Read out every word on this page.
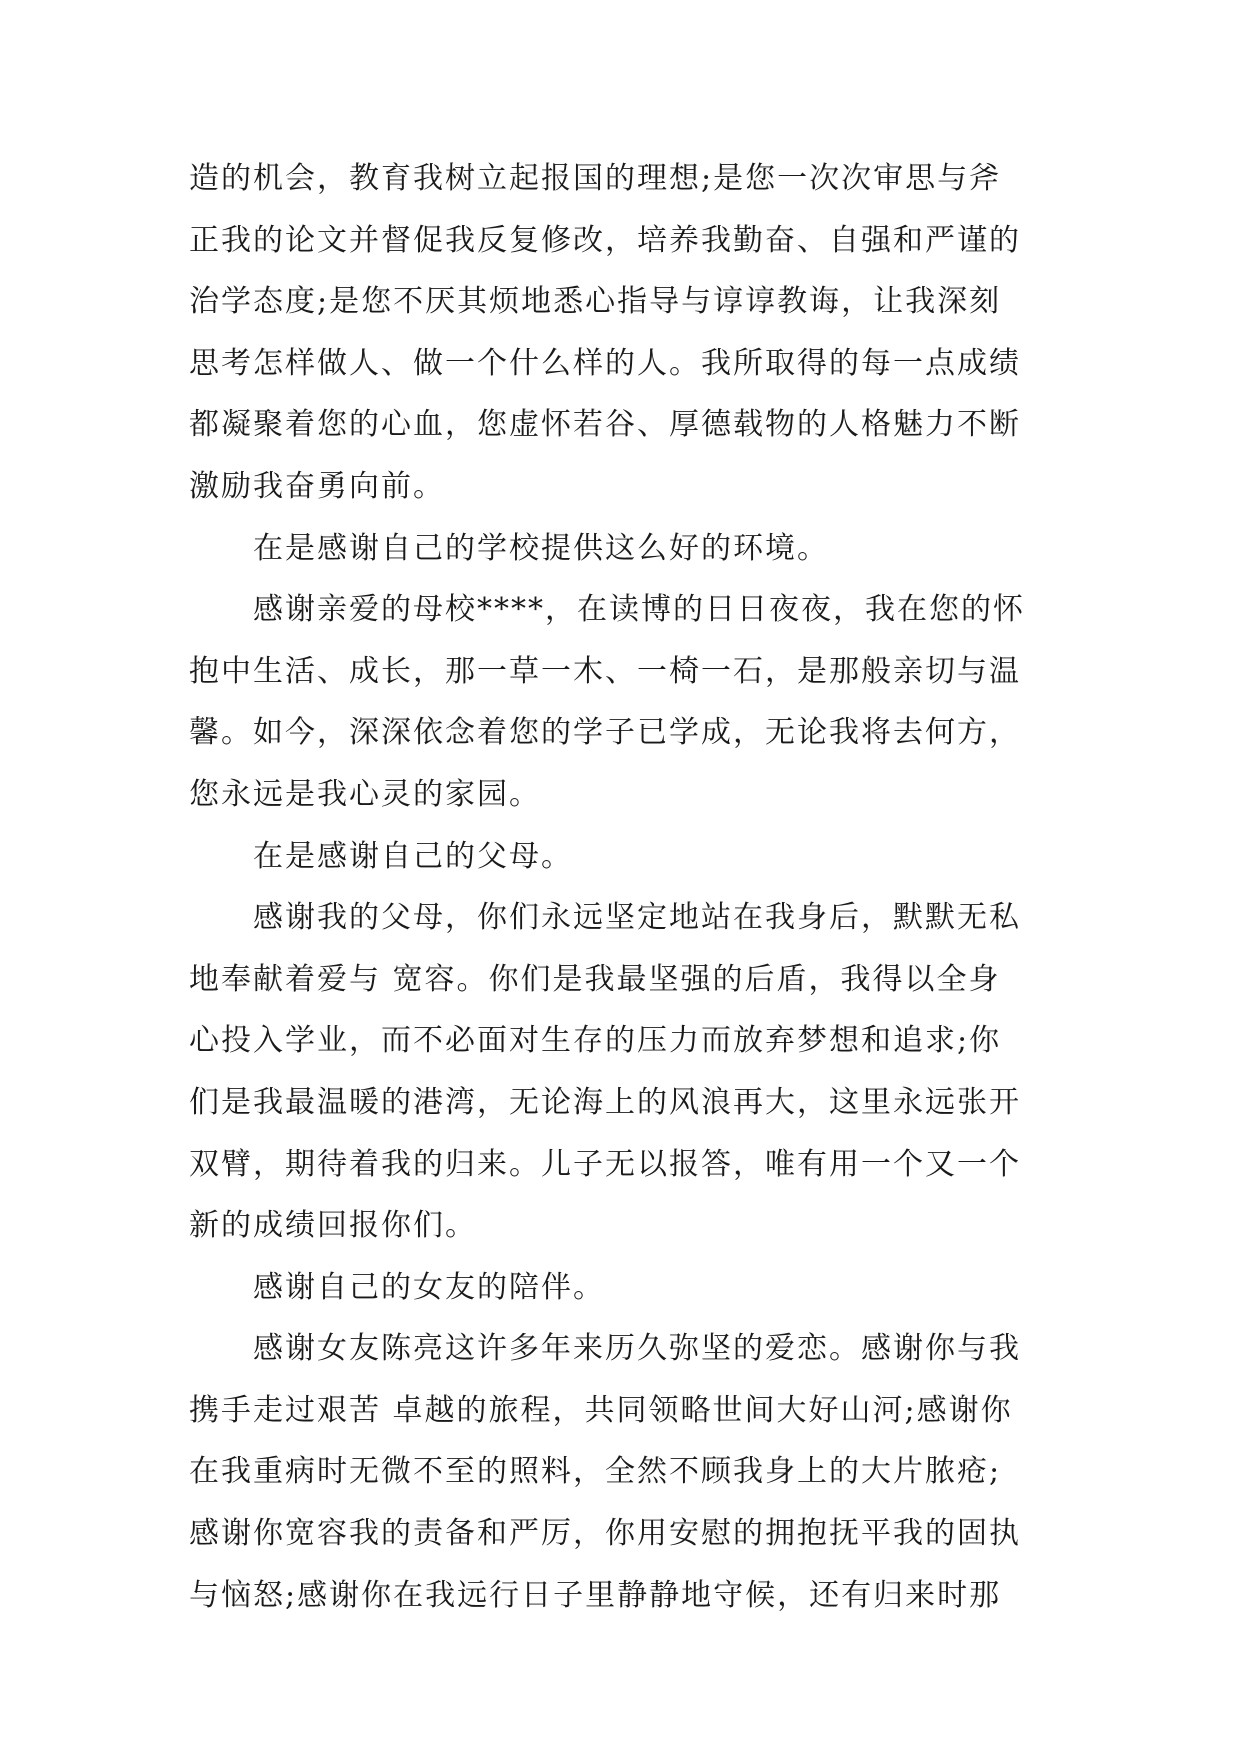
造的机会，教育我树立起报国的理想;是您一次次审思与斧
正我的论文并督促我反复修改，培养我勤奋、自强和严谨的
治学态度;是您不厌其烦地悉心指导与谆谆教诲，让我深刻
思考怎样做人、做一个什么样的人。我所取得的每一点成绩
都凝聚着您的心血，您虚怀若谷、厚德载物的人格魅力不断
激励我奋勇向前。
在是感谢自己的学校提供这么好的环境。
感谢亲爱的母校****，在读博的日日夜夜，我在您的怀
抱中生活、成长，那一草一木、一椅一石，是那般亲切与温
馨。如今，深深依念着您的学子已学成，无论我将去何方，
您永远是我心灵的家园。
在是感谢自己的父母。
感谢我的父母，你们永远坚定地站在我身后，默默无私
地奉献着爱与 宽容。你们是我最坚强的后盾，我得以全身
心投入学业，而不必面对生存的压力而放弃梦想和追求;你
们是我最温暖的港湾，无论海上的风浪再大，这里永远张开
双臂，期待着我的归来。儿子无以报答，唯有用一个又一个
新的成绩回报你们。
感谢自己的女友的陪伴。
感谢女友陈亮这许多年来历久弥坚的爱恋。感谢你与我
携手走过艰苦 卓越的旅程，共同领略世间大好山河;感谢你
在我重病时无微不至的照料，全然不顾我身上的大片脓疮;
感谢你宽容我的责备和严厉，你用安慰的拥抱抚平我的固执
与恼怒;感谢你在我远行日子里静静地守候，还有归来时那
